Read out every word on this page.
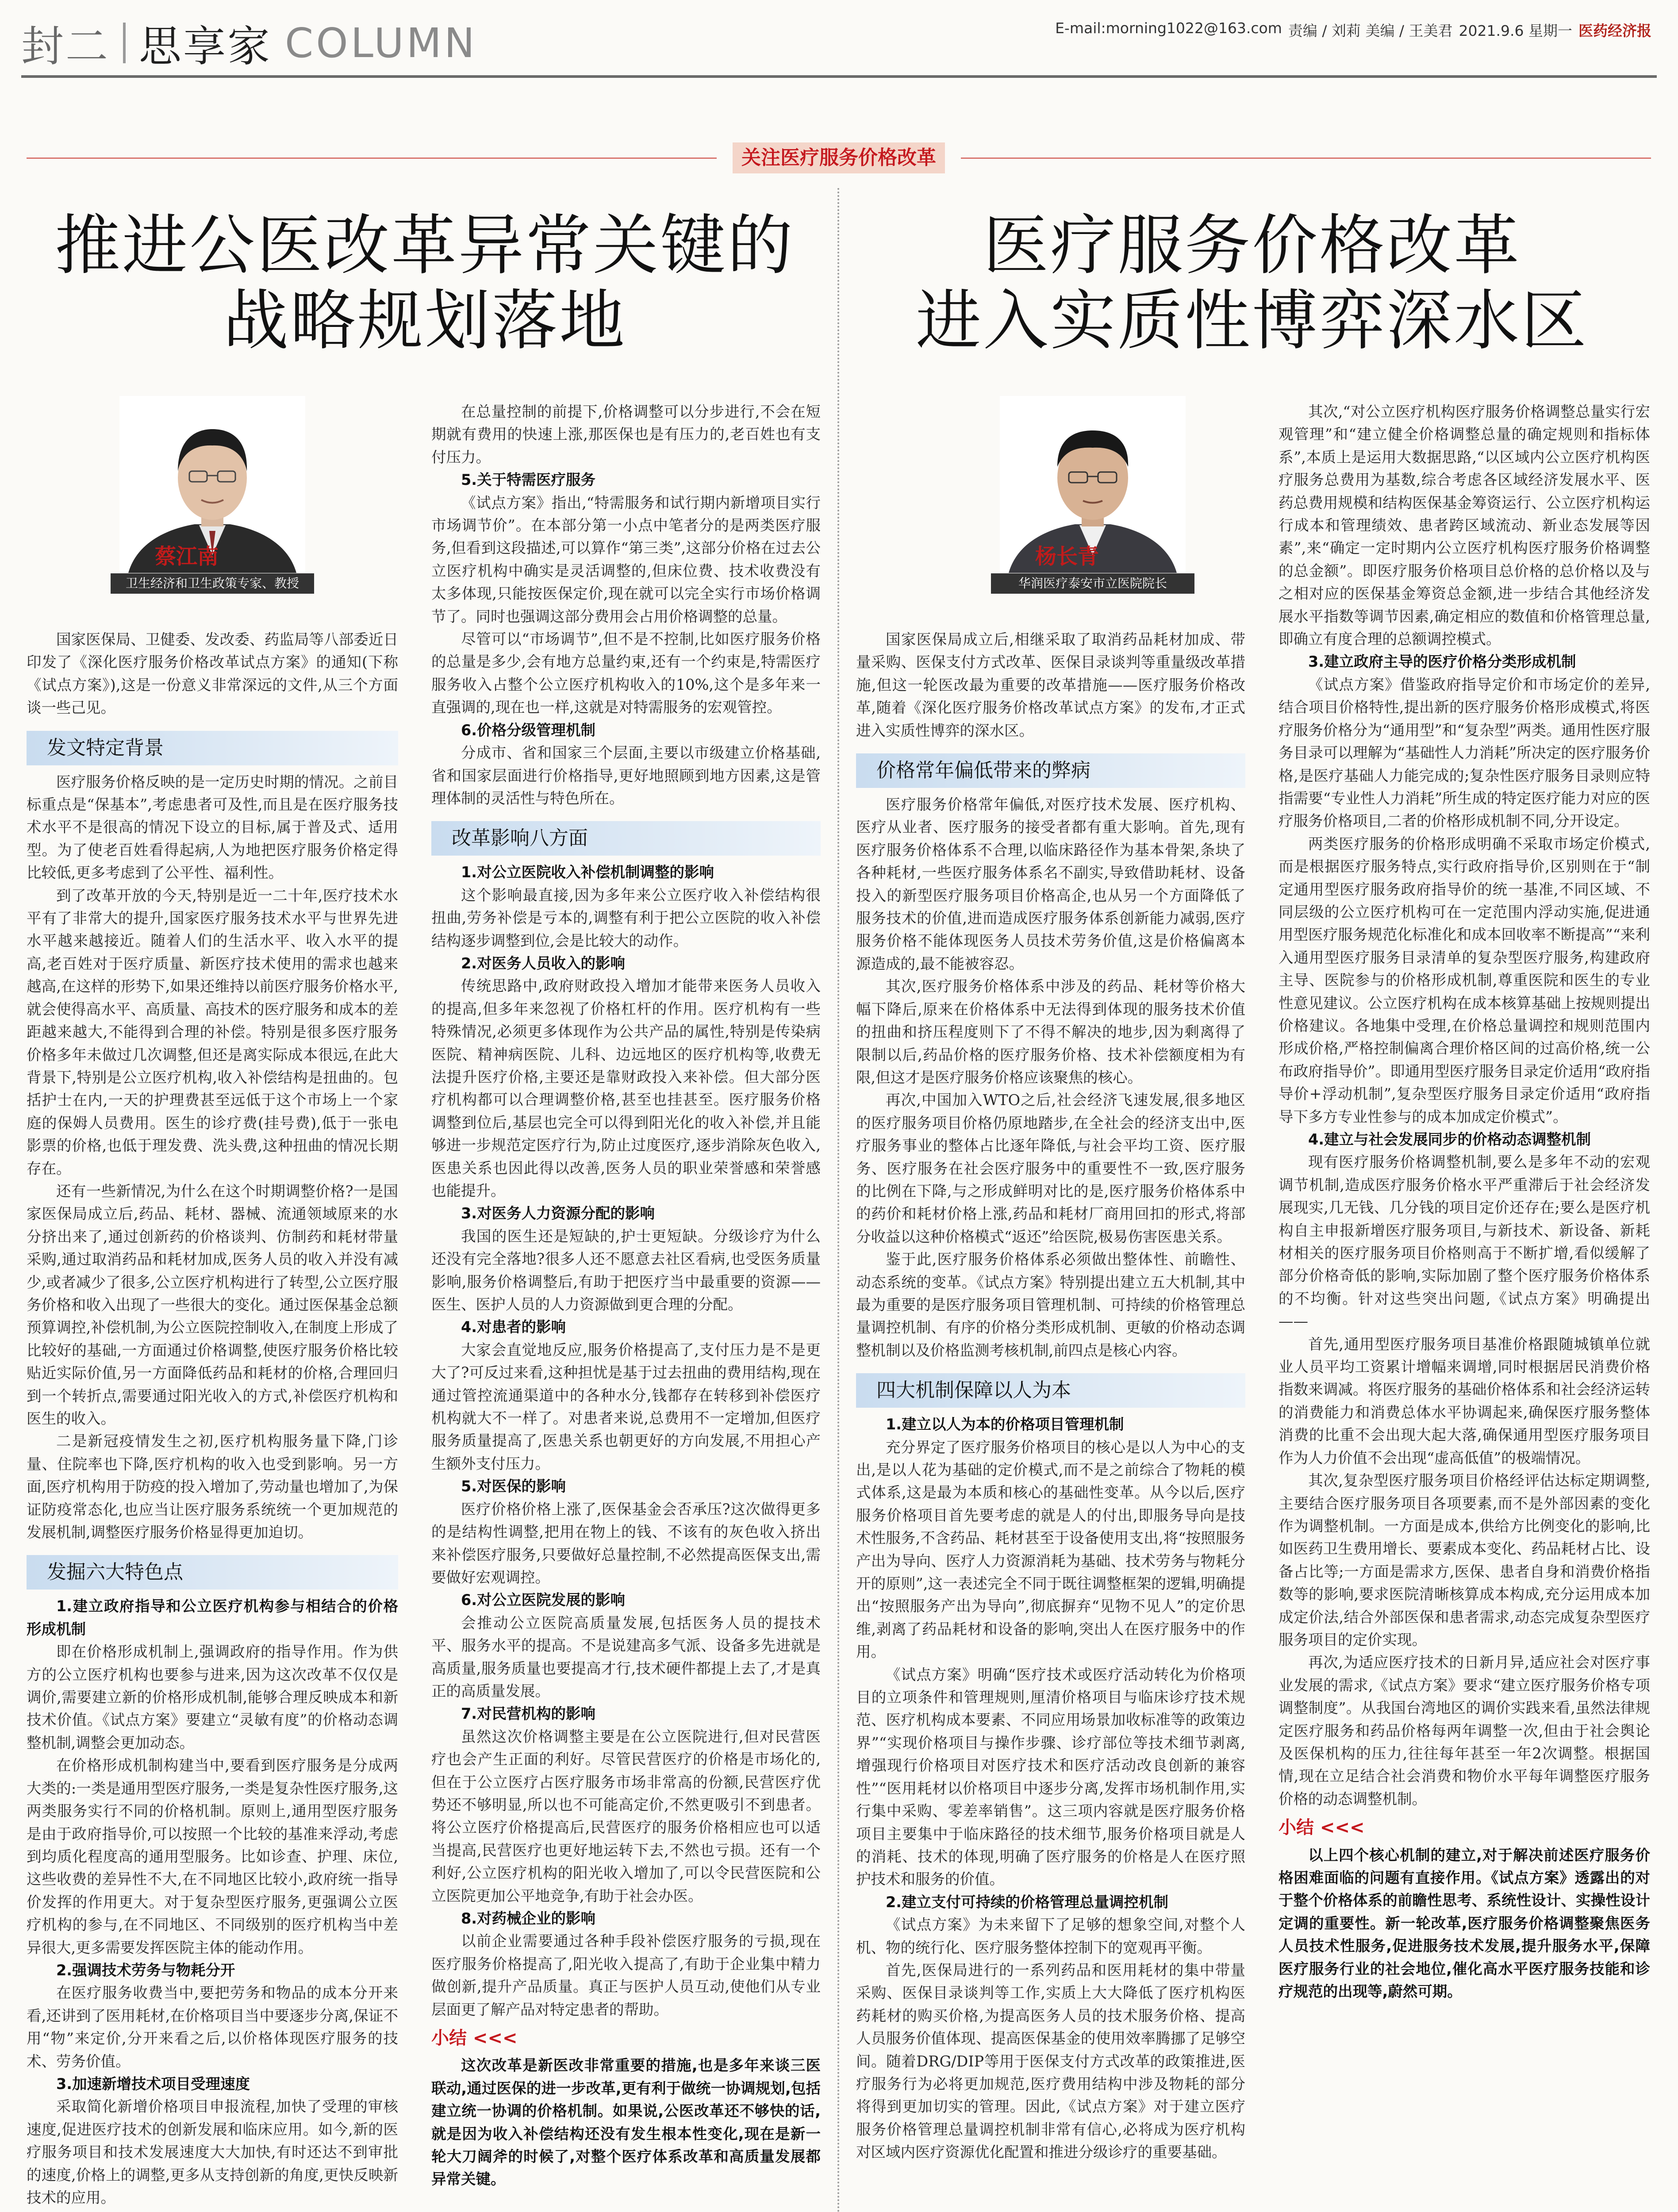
封二 思享家 COLUMN	E-mail:morning1022@163.com 责编 / 刘莉 美编 / 王美君 2021.9.6 星期一 医药经济报
关注医疗服务价格改革
推进公医改革异常关键的
战略规划落地
医疗服务价格改革
进入实质性博弈深水区
蔡江南
卫生经济和卫生政策专家、教授
杨长青
华润医疗泰安市立医院院长

国家医保局、卫健委、发改委、药监局等八部委近日印发了《深化医疗服务价格改革试点方案》的通知(下称《试点方案》),这是一份意义非常深远的文件,从三个方面谈一些己见。

发文特定背景

医疗服务价格反映的是一定历史时期的情况。之前目标重点是“保基本”,考虑患者可及性,而且是在医疗服务技术水平不是很高的情况下设立的目标,属于普及式、适用型。为了使老百姓看得起病,人为地把医疗服务价格定得比较低,更多考虑到了公平性、福利性。

到了改革开放的今天,特别是近一二十年,医疗技术水平有了非常大的提升,国家医疗服务技术水平与世界先进水平越来越接近。随着人们的生活水平、收入水平的提高,老百姓对于医疗质量、新医疗技术使用的需求也越来越高,在这样的形势下,如果还维持以前医疗服务价格水平,就会使得高水平、高质量、高技术的医疗服务和成本的差距越来越大,不能得到合理的补偿。特别是很多医疗服务价格多年未做过几次调整,但还是离实际成本很远,在此大背景下,特别是公立医疗机构,收入补偿结构是扭曲的。包括护士在内,一天的护理费甚至远低于这个市场上一个家庭的保姆人员费用。医生的诊疗费(挂号费),低于一张电影票的价格,也低于理发费、洗头费,这种扭曲的情况长期存在。

还有一些新情况,为什么在这个时期调整价格?一是国家医保局成立后,药品、耗材、器械、流通领域原来的水分挤出来了,通过创新药的价格谈判、仿制药和耗材带量采购,通过取消药品和耗材加成,医务人员的收入并没有减少,或者减少了很多,公立医疗机构进行了转型,公立医疗服务价格和收入出现了一些很大的变化。通过医保基金总额预算调控,补偿机制,为公立医院控制收入,在制度上形成了比较好的基础,一方面通过价格调整,使医疗服务价格比较贴近实际价值,另一方面降低药品和耗材的价格,合理回归到一个转折点,需要通过阳光收入的方式,补偿医疗机构和医生的收入。

二是新冠疫情发生之初,医疗机构服务量下降,门诊量、住院率也下降,医疗机构的收入也受到影响。另一方面,医疗机构用于防疫的投入增加了,劳动量也增加了,为保证防疫常态化,也应当让医疗服务系统统一个更加规范的发展机制,调整医疗服务价格显得更加迫切。

发掘六大特色点

1.建立政府指导和公立医疗机构参与相结合的价格形成机制

即在价格形成机制上,强调政府的指导作用。作为供方的公立医疗机构也要参与进来,因为这次改革不仅仅是调价,需要建立新的价格形成机制,能够合理反映成本和新技术价值。《试点方案》要建立“灵敏有度”的价格动态调整机制,调整会更加动态。

在价格形成机制构建当中,要看到医疗服务是分成两大类的:一类是通用型医疗服务,一类是复杂性医疗服务,这两类服务实行不同的价格机制。原则上,通用型医疗服务是由于政府指导价,可以按照一个比较的基准来浮动,考虑到均质化程度高的通用型服务。比如诊查、护理、床位,这些收费的差异性不大,在不同地区比较小,政府统一指导价发挥的作用更大。对于复杂型医疗服务,更强调公立医疗机构的参与,在不同地区、不同级别的医疗机构当中差异很大,更多需要发挥医院主体的能动作用。

2.强调技术劳务与物耗分开

在医疗服务收费当中,要把劳务和物品的成本分开来看,还讲到了医用耗材,在价格项目当中要逐步分离,保证不用“物”来定价,分开来看之后,以价格体现医疗服务的技术、劳务价值。

3.加速新增技术项目受理速度

采取简化新增价格项目申报流程,加快了受理的审核速度,促进医疗技术的创新发展和临床应用。如今,新的医疗服务项目和技术发展速度大大加快,有时还达不到审批的速度,价格上的调整,更多从支持创新的角度,更快反映新技术的应用。

在总量控制的前提下,价格调整可以分步进行,不会在短期就有费用的快速上涨,那医保也是有压力的,老百姓也有支付压力。

5.关于特需医疗服务

《试点方案》指出,“特需服务和试行期内新增项目实行市场调节价”。在本部分第一小点中笔者分的是两类医疗服务,但看到这段描述,可以算作“第三类”,这部分价格在过去公立医疗机构中确实是灵活调整的,但床位费、技术收费没有太多体现,只能按医保定价,现在就可以完全实行市场价格调节了。同时也强调这部分费用会占用价格调整的总量。

尽管可以“市场调节”,但不是不控制,比如医疗服务价格的总量是多少,会有地方总量约束,还有一个约束是,特需医疗服务收入占整个公立医疗机构收入的10%,这个是多年来一直强调的,现在也一样,这就是对特需服务的宏观管控。

6.价格分级管理机制

分成市、省和国家三个层面,主要以市级建立价格基础,省和国家层面进行价格指导,更好地照顾到地方因素,这是管理体制的灵活性与特色所在。

改革影响八方面

1.对公立医院收入补偿机制调整的影响

这个影响最直接,因为多年来公立医疗收入补偿结构很扭曲,劳务补偿是亏本的,调整有利于把公立医院的收入补偿结构逐步调整到位,会是比较大的动作。

2.对医务人员收入的影响

传统思路中,政府财政投入增加才能带来医务人员收入的提高,但多年来忽视了价格杠杆的作用。医疗机构有一些特殊情况,必须更多体现作为公共产品的属性,特别是传染病医院、精神病医院、儿科、边远地区的医疗机构等,收费无法提升医疗价格,主要还是靠财政投入来补偿。但大部分医疗机构都可以合理调整价格,甚至也挂甚至。医疗服务价格调整到位后,基层也完全可以得到阳光化的收入补偿,并且能够进一步规范定医疗行为,防止过度医疗,逐步消除灰色收入,医患关系也因此得以改善,医务人员的职业荣誉感和荣誉感也能提升。

3.对医务人力资源分配的影响

我国的医生还是短缺的,护士更短缺。分级诊疗为什么还没有完全落地?很多人还不愿意去社区看病,也受医务质量影响,服务价格调整后,有助于把医疗当中最重要的资源——医生、医护人员的人力资源做到更合理的分配。

4.对患者的影响

大家会直觉地反应,服务价格提高了,支付压力是不是更大了?可反过来看,这种担忧是基于过去扭曲的费用结构,现在通过管控流通渠道中的各种水分,钱都存在转移到补偿医疗机构就大不一样了。对患者来说,总费用不一定增加,但医疗服务质量提高了,医患关系也朝更好的方向发展,不用担心产生额外支付压力。

5.对医保的影响

医疗价格价格上涨了,医保基金会否承压?这次做得更多的是结构性调整,把用在物上的钱、不该有的灰色收入挤出来补偿医疗服务,只要做好总量控制,不必然提高医保支出,需要做好宏观调控。

6.对公立医院发展的影响

会推动公立医院高质量发展,包括医务人员的提技术平、服务水平的提高。不是说建高多气派、设备多先进就是高质量,服务质量也要提高才行,技术硬件都提上去了,才是真正的高质量发展。

7.对民营机构的影响

虽然这次价格调整主要是在公立医院进行,但对民营医疗也会产生正面的利好。尽管民营医疗的价格是市场化的,但在于公立医疗占医疗服务市场非常高的份额,民营医疗优势还不够明显,所以也不可能高定价,不然更吸引不到患者。将公立医疗价格提高后,民营医疗的服务价格相应也可以适当提高,民营医疗也更好地运转下去,不然也亏损。还有一个利好,公立医疗机构的阳光收入增加了,可以令民营医院和公立医院更加公平地竞争,有助于社会办医。

8.对药械企业的影响

以前企业需要通过各种手段补偿医疗服务的亏损,现在医疗服务价格提高了,阳光收入提高了,有助于企业集中精力做创新,提升产品质量。真正与医护人员互动,使他们从专业层面更了解产品对特定患者的帮助。

小结 <<<

这次改革是新医改非常重要的措施,也是多年来谈三医联动,通过医保的进一步改革,更有利于做统一协调规划,包括建立统一协调的价格机制。如果说,公医改革还不够快的话,就是因为收入补偿结构还没有发生根本性变化,现在是新一轮大刀阔斧的时候了,对整个医疗体系改革和高质量发展都异常关键。

国家医保局成立后,相继采取了取消药品耗材加成、带量采购、医保支付方式改革、医保目录谈判等重量级改革措施,但这一轮医改最为重要的改革措施——医疗服务价格改革,随着《深化医疗服务价格改革试点方案》的发布,才正式进入实质性博弈的深水区。

价格常年偏低带来的弊病

医疗服务价格常年偏低,对医疗技术发展、医疗机构、医疗从业者、医疗服务的接受者都有重大影响。首先,现有医疗服务价格体系不合理,以临床路径作为基本骨架,条块了各种耗材,一些医疗服务体系名不副实,导致借助耗材、设备投入的新型医疗服务项目价格高企,也从另一个方面降低了服务技术的价值,进而造成医疗服务体系创新能力减弱,医疗服务价格不能体现医务人员技术劳务价值,这是价格偏离本源造成的,最不能被容忍。

其次,医疗服务价格体系中涉及的药品、耗材等价格大幅下降后,原来在价格体系中无法得到体现的服务技术价值的扭曲和挤压程度则下了不得不解决的地步,因为剩离得了限制以后,药品价格的医疗服务价格、技术补偿额度相为有限,但这才是医疗服务价格应该聚焦的核心。

再次,中国加入WTO之后,社会经济飞速发展,很多地区的医疗服务项目价格仍原地踏步,在全社会的经济支出中,医疗服务事业的整体占比逐年降低,与社会平均工资、医疗服务、医疗服务在社会医疗服务中的重要性不一致,医疗服务的比例在下降,与之形成鲜明对比的是,医疗服务价格体系中的药价和耗材价格上涨,药品和耗材厂商用回扣的形式,将部分收益以这种价格模式“返还”给医院,极易伤害医患关系。

鉴于此,医疗服务价格体系必须做出整体性、前瞻性、动态系统的变革。《试点方案》特别提出建立五大机制,其中最为重要的是医疗服务项目管理机制、可持续的价格管理总量调控机制、有序的价格分类形成机制、更敏的价格动态调整机制以及价格监测考核机制,前四点是核心内容。

四大机制保障以人为本

1.建立以人为本的价格项目管理机制

充分界定了医疗服务价格项目的核心是以人为中心的支出,是以人花为基础的定价模式,而不是之前综合了物耗的模式体系,这是最为本质和核心的基础性变革。从今以后,医疗服务价格项目首先要考虑的就是人的付出,即服务导向是技术性服务,不含药品、耗材甚至于设备使用支出,将“按照服务产出为导向、医疗人力资源消耗为基础、技术劳务与物耗分开的原则”,这一表述完全不同于既往调整框架的逻辑,明确提出“按照服务产出为导向”,彻底摒弃“见物不见人”的定价思维,剥离了药品耗材和设备的影响,突出人在医疗服务中的作用。

《试点方案》明确“医疗技术或医疗活动转化为价格项目的立项条件和管理规则,厘清价格项目与临床诊疗技术规范、医疗机构成本要素、不同应用场景加收标准等的政策边界”“实现价格项目与操作步骤、诊疗部位等技术细节剥离,增强现行价格项目对医疗技术和医疗活动改良创新的兼容性”“医用耗材以价格项目中逐步分离,发挥市场机制作用,实行集中采购、零差率销售”。这三项内容就是医疗服务价格项目主要集中于临床路径的技术细节,服务价格项目就是人的消耗、技术的体现,明确了医疗服务的价格是人在医疗照护技术和服务的价值。

2.建立支付可持续的价格管理总量调控机制

《试点方案》为未来留下了足够的想象空间,对整个人机、物的统行化、医疗服务整体控制下的宽观再平衡。

首先,医保局进行的一系列药品和医用耗材的集中带量采购、医保目录谈判等工作,实质上大大降低了医疗机构医药耗材的购买价格,为提高医务人员的技术服务价格、提高人员服务价值体现、提高医保基金的使用效率腾挪了足够空间。随着DRG/DIP等用于医保支付方式改革的政策推进,医疗服务行为必将更加规范,医疗费用结构中涉及物耗的部分将得到更加切实的管理。因此,《试点方案》对于建立医疗服务价格管理总量调控机制非常有信心,必将成为医疗机构对区域内医疗资源优化配置和推进分级诊疗的重要基础。

其次,“对公立医疗机构医疗服务价格调整总量实行宏观管理”和“建立健全价格调整总量的确定规则和指标体系”,本质上是运用大数据思路,“以区域内公立医疗机构医疗服务总费用为基数,综合考虑各区域经济发展水平、医药总费用规模和结构医保基金筹资运行、公立医疗机构运行成本和管理绩效、患者跨区域流动、新业态发展等因素”,来“确定一定时期内公立医疗机构医疗服务价格调整的总金额”。即医疗服务价格项目总价格的总价格以及与之相对应的医保基金筹资总金额,进一步结合其他经济发展水平指数等调节因素,确定相应的数值和价格管理总量,即确立有度合理的总额调控模式。

3.建立政府主导的医疗价格分类形成机制

《试点方案》借鉴政府指导定价和市场定价的差异,结合项目价格特性,提出新的医疗服务价格形成模式,将医疗服务价格分为“通用型”和“复杂型”两类。通用性医疗服务目录可以理解为“基础性人力消耗”所决定的医疗服务价格,是医疗基础人力能完成的;复杂性医疗服务目录则应特指需要“专业性人力消耗”所生成的特定医疗能力对应的医疗服务价格项目,二者的价格形成机制不同,分开设定。

两类医疗服务的价格形成明确不采取市场定价模式,而是根据医疗服务特点,实行政府指导价,区别则在于“制定通用型医疗服务政府指导价的统一基准,不同区域、不同层级的公立医疗机构可在一定范围内浮动实施,促进通用型医疗服务规范化标准化和成本回收率不断提高”“来利入通用型医疗服务目录清单的复杂型医疗服务,构建政府主导、医院参与的价格形成机制,尊重医院和医生的专业性意见建议。公立医疗机构在成本核算基础上按规则提出价格建议。各地集中受理,在价格总量调控和规则范围内形成价格,严格控制偏离合理价格区间的过高价格,统一公布政府指导价”。即通用型医疗服务目录定价适用“政府指导价+浮动机制”,复杂型医疗服务目录定价适用“政府指导下多方专业性参与的成本加成定价模式”。

4.建立与社会发展同步的价格动态调整机制

现有医疗服务价格调整机制,要么是多年不动的宏观调节机制,造成医疗服务价格水平严重滞后于社会经济发展现实,几无钱、几分钱的项目定价还存在;要么是医疗机构自主申报新增医疗服务项目,与新技术、新设备、新耗材相关的医疗服务项目价格则高于不断扩增,看似缓解了部分价格奇低的影响,实际加剧了整个医疗服务价格体系的不均衡。针对这些突出问题,《试点方案》明确提出——

首先,通用型医疗服务项目基准价格跟随城镇单位就业人员平均工资累计增幅来调增,同时根据居民消费价格指数来调减。将医疗服务的基础价格体系和社会经济运转的消费能力和消费总体水平协调起来,确保医疗服务整体消费的比重不会出现大起大落,确保通用型医疗服务项目作为人力价值不会出现“虚高低值”的极端情况。

其次,复杂型医疗服务项目价格经评估达标定期调整,主要结合医疗服务项目各项要素,而不是外部因素的变化作为调整机制。一方面是成本,供给方比例变化的影响,比如医药卫生费用增长、要素成本变化、药品耗材占比、设备占比等;一方面是需求方,医保、患者自身和消费价格指数等的影响,要求医院清晰核算成本构成,充分运用成本加成定价法,结合外部医保和患者需求,动态完成复杂型医疗服务项目的定价实现。

再次,为适应医疗技术的日新月异,适应社会对医疗事业发展的需求,《试点方案》要求“建立医疗服务价格专项调整制度”。从我国台湾地区的调价实践来看,虽然法律规定医疗服务和药品价格每两年调整一次,但由于社会舆论及医保机构的压力,往往每年甚至一年2次调整。根据国情,现在立足结合社会消费和物价水平每年调整医疗服务价格的动态调整机制。

小结 <<<

以上四个核心机制的建立,对于解决前述医疗服务价格困难面临的问题有直接作用。《试点方案》透露出的对于整个价格体系的前瞻性思考、系统性设计、实操性设计定调的重要性。新一轮改革,医疗服务价格调整聚焦医务人员技术性服务,促进服务技术发展,提升服务水平,保障医疗服务行业的社会地位,催化高水平医疗服务技能和诊疗规范的出现等,蔚然可期。
